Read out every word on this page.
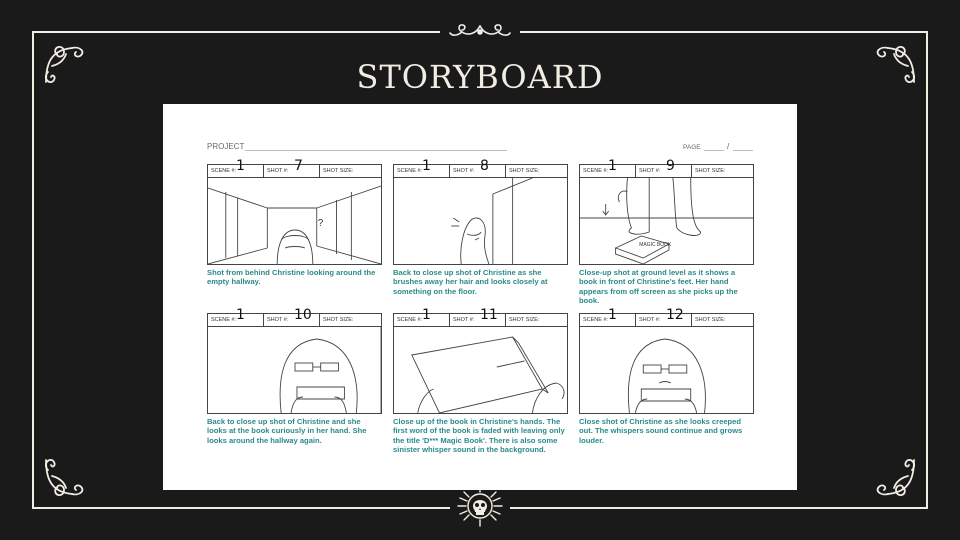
STORYBOARD
PROJECT	PAGE	/
SCENE #: 1	SHOT #: 7	SHOT SIZE:
?
Shot from behind Christine looking around the empty hallway.
SCENE #: 1	SHOT #: 8	SHOT SIZE:
Back to close up shot of Christine as she brushes away her hair and looks closely at something on the floor.
SCENE #: 1	SHOT #: 9	SHOT SIZE:
MAGIC BOOK
Close-up shot at ground level as it shows a book in front of Christine's feet. Her hand appears from off screen as she picks up the book.
SCENE #: 1	SHOT #: 10	SHOT SIZE:
Back to close up shot of Christine and she looks at the book curiously in her hand. She looks around the hallway again.
SCENE #: 1	SHOT #: 11	SHOT SIZE:
Close up of the book in Christine's hands. The first word of the book is faded with leaving only the title 'D*** Magic Book'. There is also some sinister whisper sound in the background.
SCENE #: 1	SHOT #: 12	SHOT SIZE:
Close shot of Christine as she looks creeped out. The whispers sound continue and grows louder.
